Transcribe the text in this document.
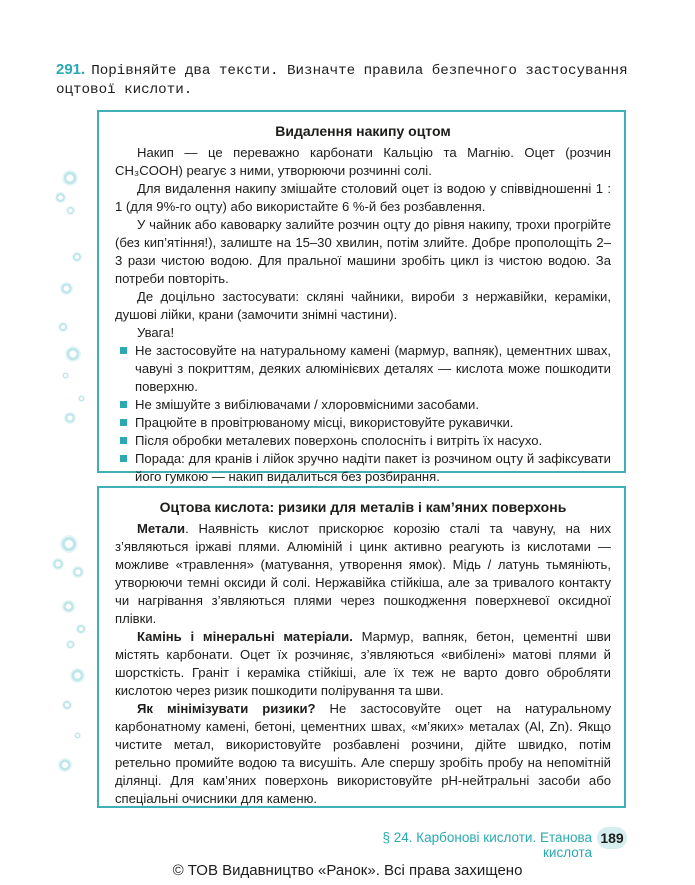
291. Порівняйте два тексти. Визначте правила безпечного застосування оцтової кислоти.
Видалення накипу оцтом

Накип — це переважно карбонати Кальцію та Магнію. Оцет (розчин CH₃COOH) реагує з ними, утворюючи розчинні солі.

Для видалення накипу змішайте столовий оцет із водою у співвідношенні 1 : 1 (для 9%-го оцту) або використайте 6 %-й без розбавлення.

У чайник або кавоварку залийте розчин оцту до рівня накипу, трохи прогрійте (без кип’ятіння!), залиште на 15–30 хвилин, потім злийте. Добре прополощіть 2–3 рази чистою водою. Для пральної машини зробіть цикл із чистою водою. За потреби повторіть.

Де доцільно застосувати: скляні чайники, вироби з нержавійки, кераміки, душові лійки, крани (замочити знімні частини).

Увага!

Не застосовуйте на натуральному камені (мармур, вапняк), цементних швах, чавуні з покриттям, деяких алюмінієвих деталях — кислота може пошкодити поверхню.
Не змішуйте з вибілювачами / хлоровмісними засобами.
Працюйте в провітрюваному місці, використовуйте рукавички.
Після обробки металевих поверхонь сполосніть і витріть їх насухо.
Порада: для кранів і лійок зручно надіти пакет із розчином оцту й зафіксувати його гумкою — накип видалиться без розбирання.
Оцтова кислота: ризики для металів і кам’яних поверхонь

Метали. Наявність кислот прискорює корозію сталі та чавуну, на них з’являються іржаві плями. Алюміній і цинк активно реагують із кислотами — можливе «травлення» (матування, утворення ямок). Мідь / латунь тьмяніють, утворюючи темні оксиди й солі. Нержавійка стійкіша, але за тривалого контакту чи нагрівання з’являються плями через пошкодження поверхневої оксидної плівки.

Камінь і мінеральні матеріали. Мармур, вапняк, бетон, цементні шви містять карбонати. Оцет їх розчиняє, з’являються «вибілені» матові плями й шорсткість. Граніт і кераміка стійкіші, але їх теж не варто довго обробляти кислотою через ризик пошкодити полірування та шви.

Як мінімізувати ризики? Не застосовуйте оцет на натуральному карбонатному камені, бетоні, цементних швах, «м’яких» металах (Al, Zn). Якщо чистите метал, використовуйте розбавлені розчини, дійте швидко, потім ретельно промийте водою та висушіть. Але спершу зробіть пробу на непомітній ділянці. Для кам’яних поверхонь використовуйте pH-нейтральні засоби або спеціальні очисники для каменю.

§ 24. Карбонові кислоти. Етанова кислота
189
© ТОВ Видавництво «Ранок». Всі права захищено
